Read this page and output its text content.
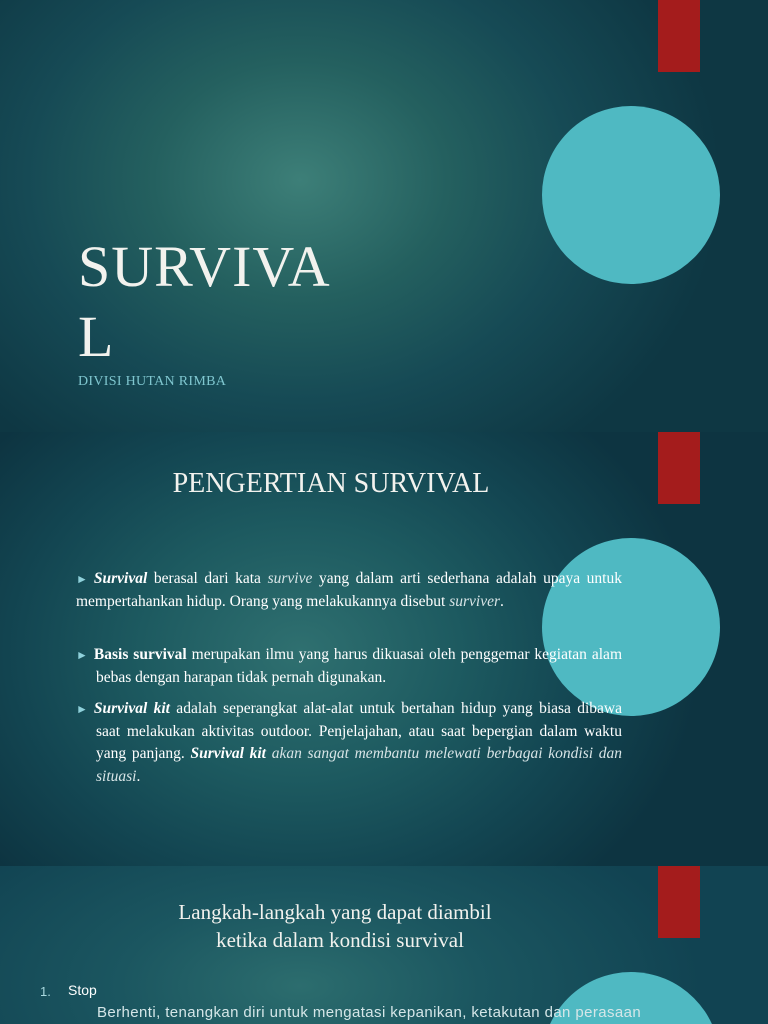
SURVIVAL
DIVISI HUTAN RIMBA
PENGERTIAN SURVIVAL
► Survival berasal dari kata survive yang dalam arti sederhana adalah upaya untuk mempertahankan hidup. Orang yang melakukannya disebut surviver.
► Basis survival merupakan ilmu yang harus dikuasai oleh penggemar kegiatan alam bebas dengan harapan tidak pernah digunakan.
► Survival kit adalah seperangkat alat-alat untuk bertahan hidup yang biasa dibawa saat melakukan aktivitas outdoor. Penjelajahan, atau saat bepergian dalam waktu yang panjang. Survival kit akan sangat membantu melewati berbagai kondisi dan situasi.
Langkah-langkah yang dapat diambil
ketika dalam kondisi survival
1. Stop
Berhenti, tenangkan diri untuk mengatasi kepanikan, ketakutan dan perasaan
